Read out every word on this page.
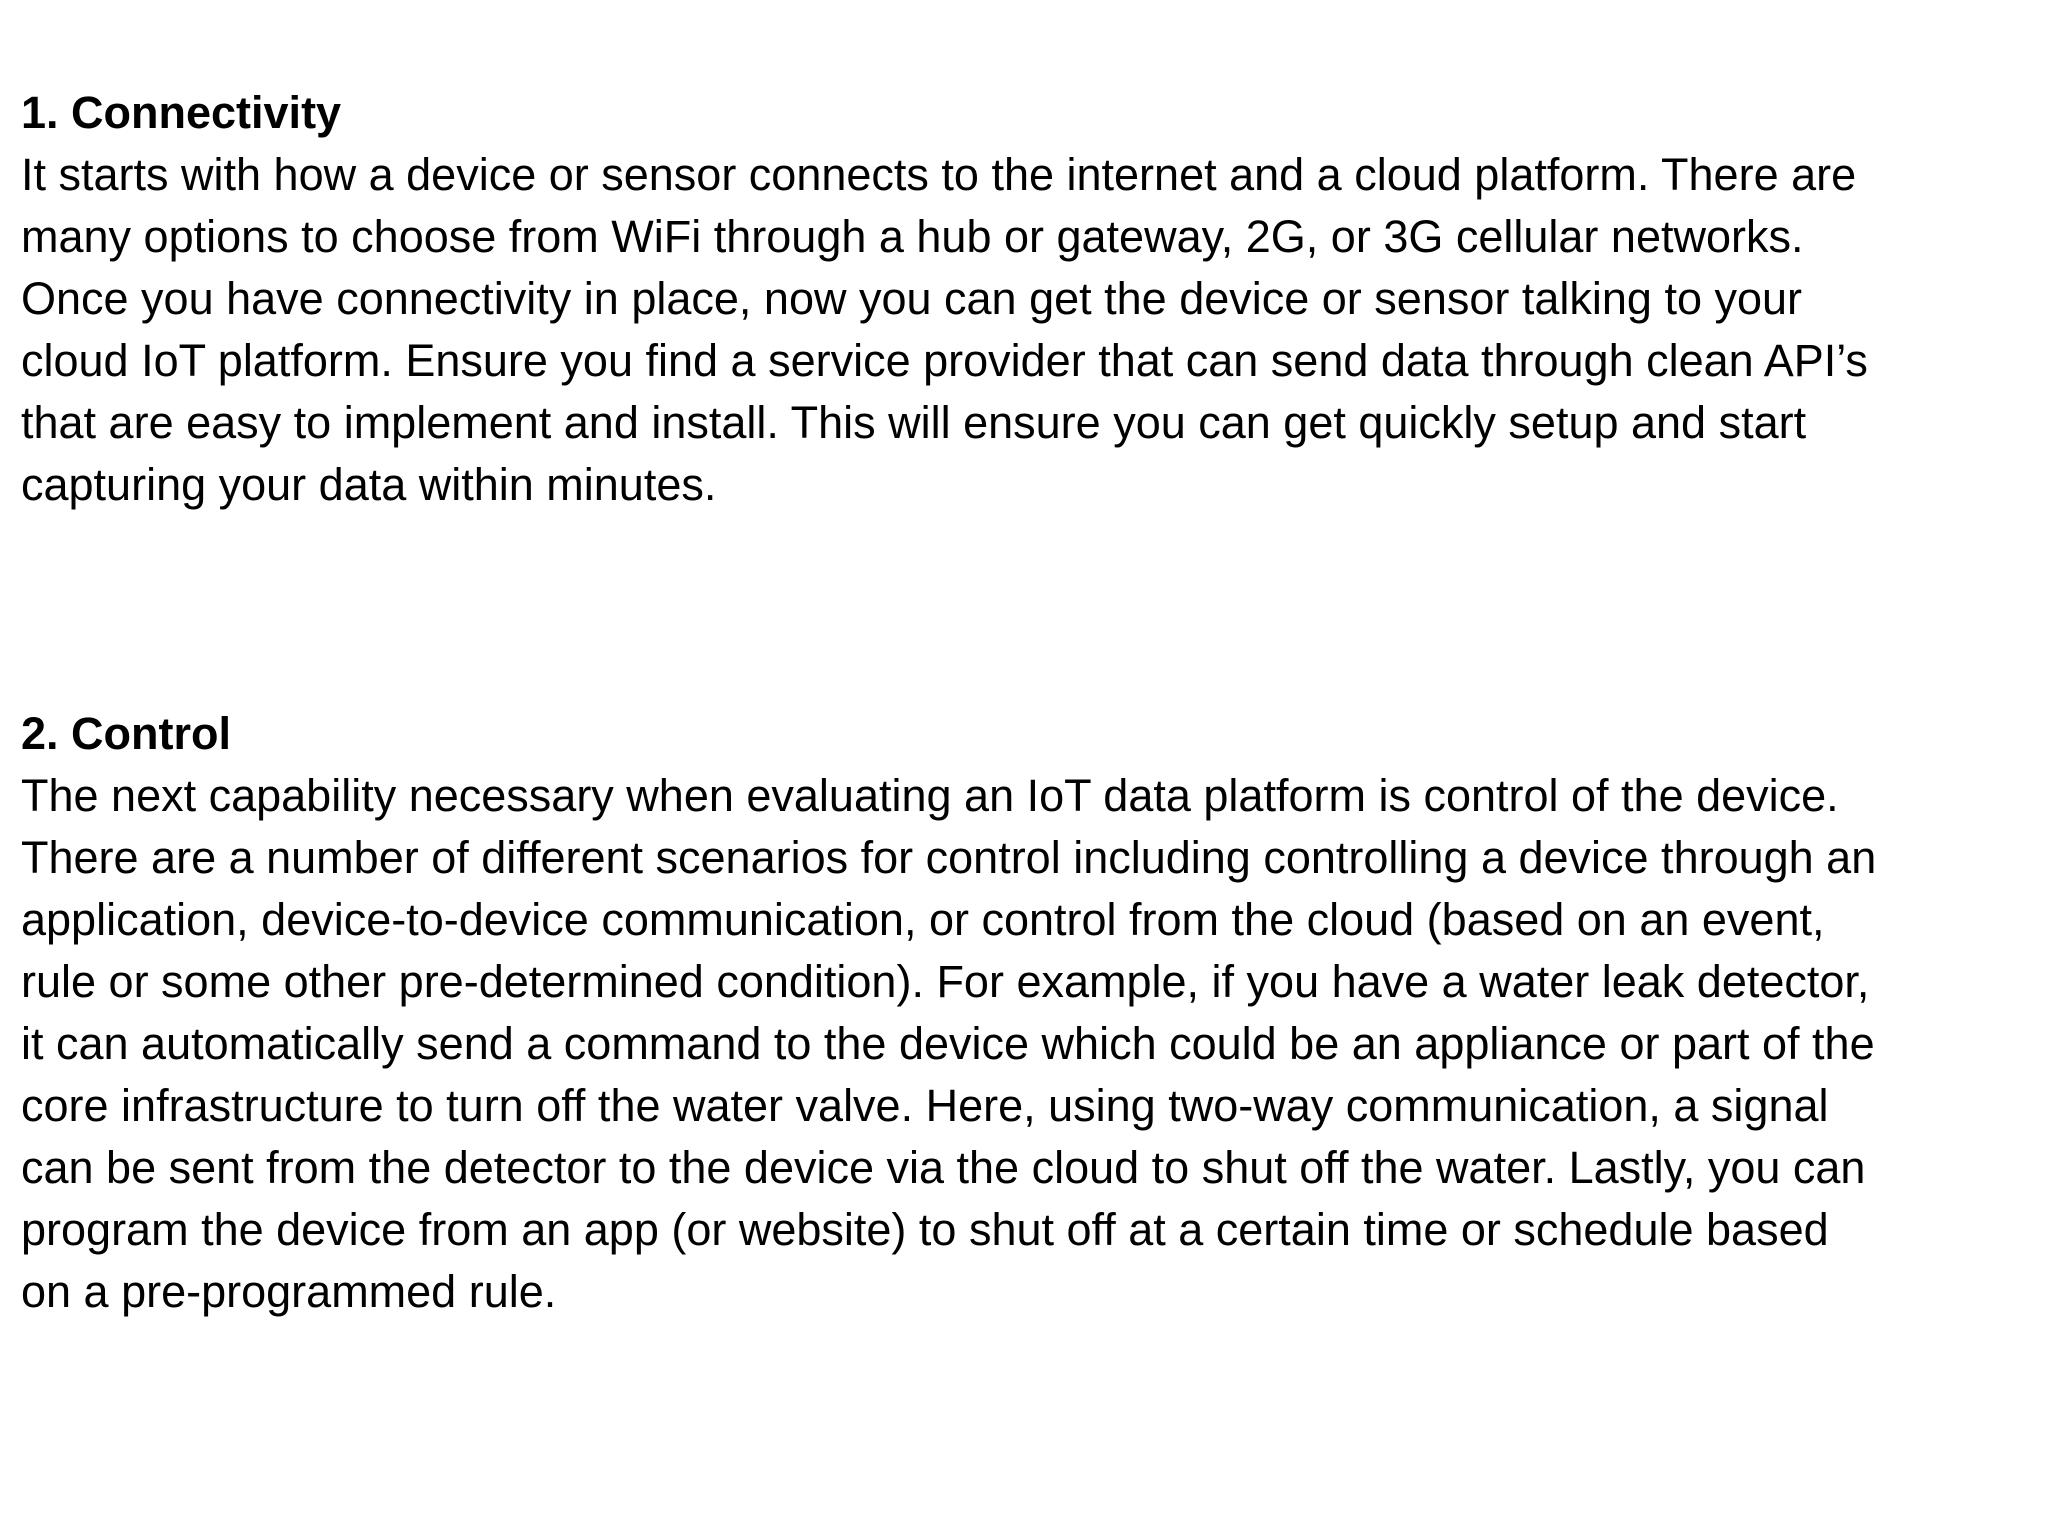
1. Connectivity

It starts with how a device or sensor connects to the internet and a cloud platform. There are

many options to choose from WiFi through a hub or gateway, 2G, or 3G cellular networks.

Once you have connectivity in place, now you can get the device or sensor talking to your

cloud IoT platform. Ensure you find a service provider that can send data through clean API’s

that are easy to implement and install. This will ensure you can get quickly setup and start

capturing your data within minutes.

2. Control

The next capability necessary when evaluating an IoT data platform is control of the device.

There are a number of different scenarios for control including controlling a device through an

application, device-to-device communication, or control from the cloud (based on an event,

rule or some other pre-determined condition). For example, if you have a water leak detector,

it can automatically send a command to the device which could be an appliance or part of the

core infrastructure to turn off the water valve. Here, using two-way communication, a signal

can be sent from the detector to the device via the cloud to shut off the water. Lastly, you can

program the device from an app (or website) to shut off at a certain time or schedule based

on a pre-programmed rule.
